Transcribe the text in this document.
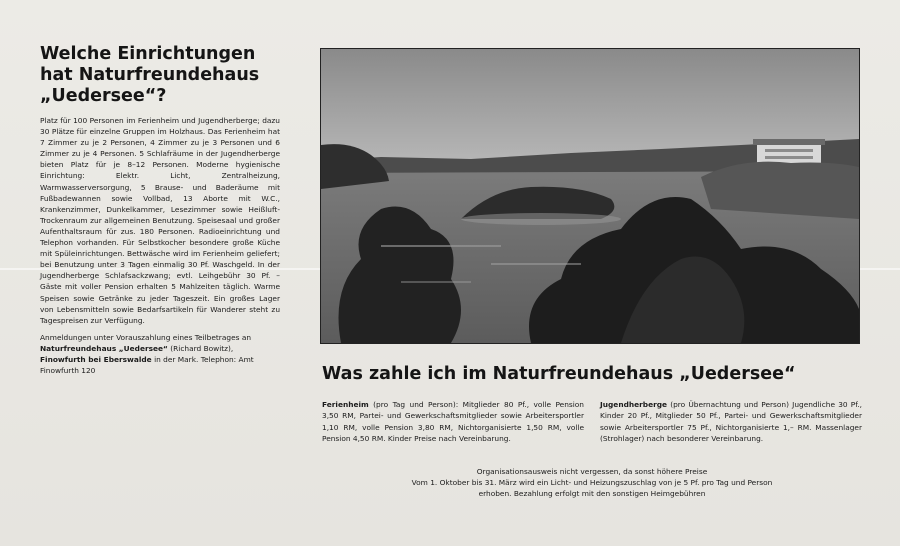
Welche Einrichtungen
hat Naturfreundehaus
„Uedersee“?

Platz für 100 Personen im Ferienheim und Jugendherberge; dazu 30 Plätze für einzelne Gruppen im Holzhaus. Das Ferienheim hat 7 Zimmer zu je 2 Personen, 4 Zimmer zu je 3 Personen und 6 Zimmer zu je 4 Personen. 5 Schlafräume in der Jugendherberge bieten Platz für je 8–12 Personen. Moderne hygienische Einrichtung: Elektr. Licht, Zentralheizung, Warmwasserversorgung, 5 Brause- und Baderäume mit Fußbadewannen sowie Vollbad, 13 Aborte mit W.C., Krankenzimmer, Dunkelkammer, Lesezimmer sowie Heißluft-Trockenraum zur allgemeinen Benutzung. Speisesaal und großer Aufenthaltsraum für zus. 180 Personen. Radioeinrichtung und Telephon vorhanden. Für Selbstkocher besondere große Küche mit Spüleinrichtungen. Bettwäsche wird im Ferienheim geliefert; bei Benutzung unter 3 Tagen einmalig 30 Pf. Waschgeld. In der Jugendherberge Schlafsackzwang; evtl. Leihgebühr 30 Pf. – Gäste mit voller Pension erhalten 5 Mahlzeiten täglich. Warme Speisen sowie Getränke zu jeder Tageszeit. Ein großes Lager von Lebensmitteln sowie Bedarfsartikeln für Wanderer steht zu Tagespreisen zur Verfügung.

Anmeldungen unter Vorauszahlung eines Teilbetrages an Naturfreundehaus „Uedersee“ (Richard Bowitz), Finowfurth bei Eberswalde in der Mark. Telephon: Amt Finowfurth 120	Was zahle ich im Naturfreundehaus „Uedersee“

Ferienheim (pro Tag und Person): Mitglieder 80 Pf., volle Pension 3,50 RM, Partei- und Gewerkschaftsmitglieder sowie Arbeitersportler 1,10 RM, volle Pension 3,80 RM, Nichtorganisierte 1,50 RM, volle Pension 4,50 RM. Kinder Preise nach Vereinbarung.

Jugendherberge (pro Übernachtung und Person) Jugendliche 30 Pf., Kinder 20 Pf., Mitglieder 50 Pf., Partei- und Gewerkschaftsmitglieder sowie Arbeitersportler 75 Pf., Nichtorganisierte 1,– RM. Massenlager (Strohlager) nach besonderer Vereinbarung.

Organisationsausweis nicht vergessen, da sonst höhere Preise
Vom 1. Oktober bis 31. März wird ein Licht- und Heizungszuschlag von je 5 Pf. pro Tag und Person
erhoben. Bezahlung erfolgt mit den sonstigen Heimgebühren
